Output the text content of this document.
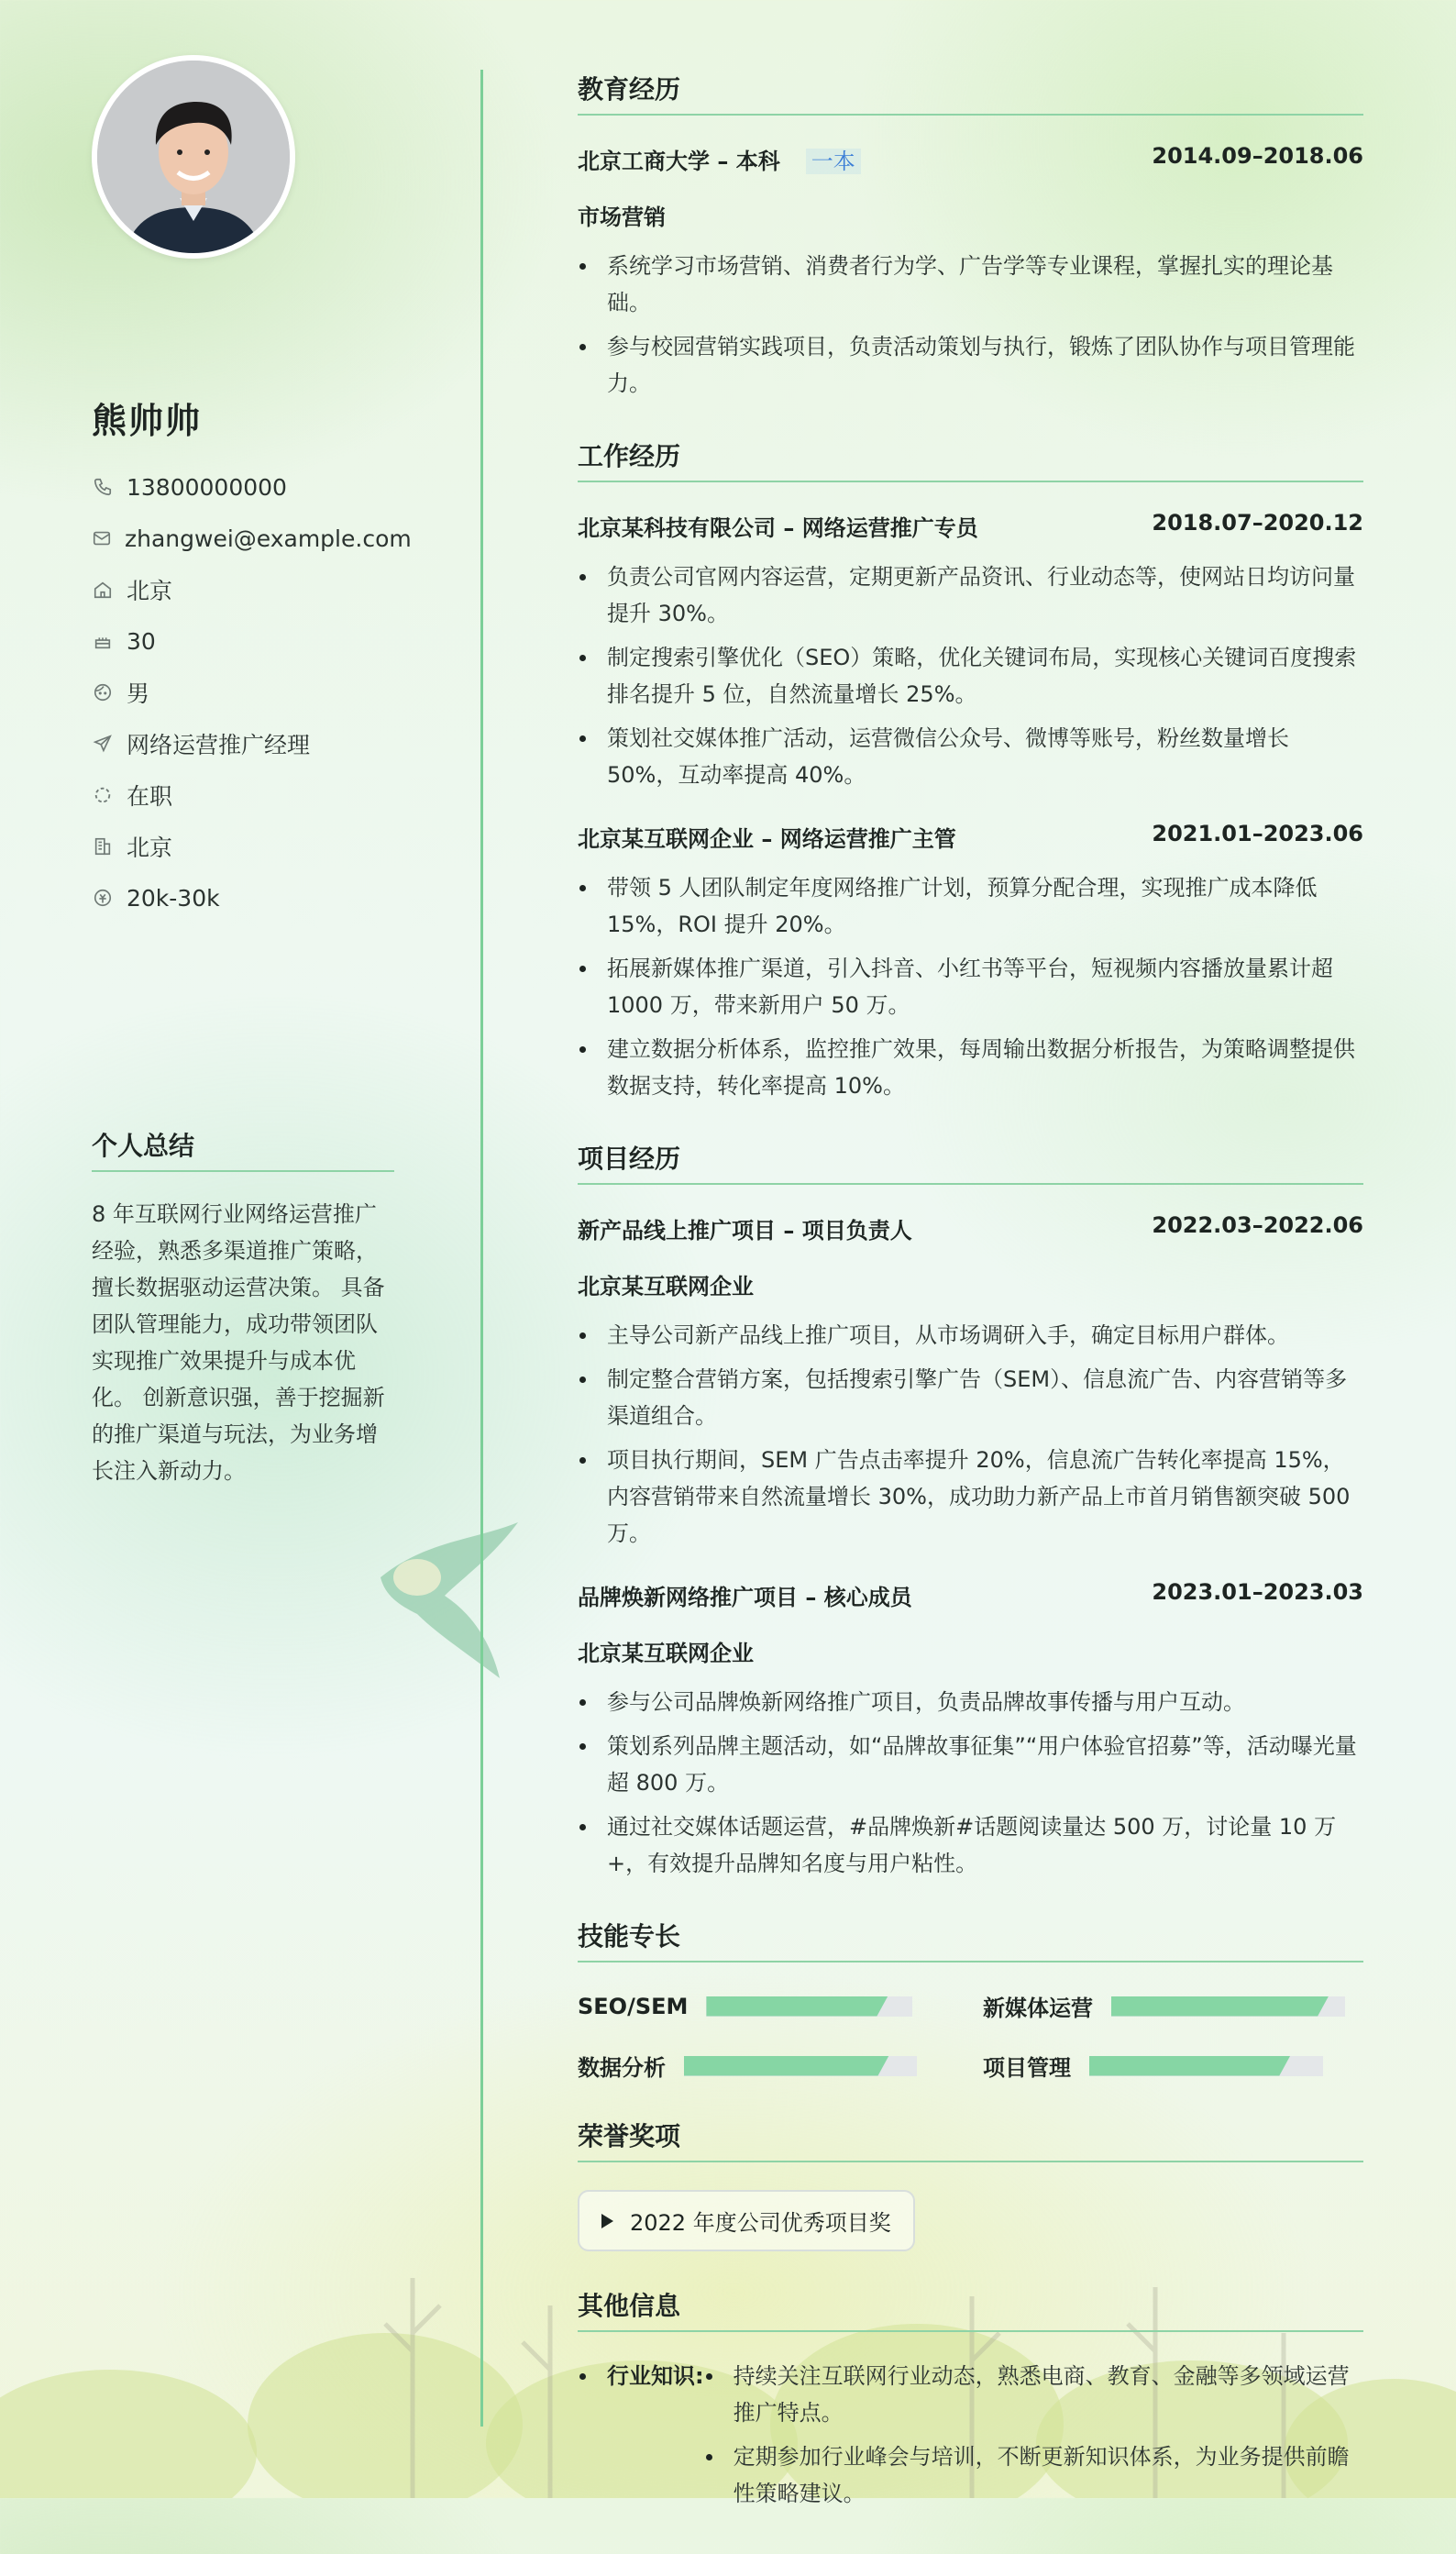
熊帅帅
13800000000
zhangwei@example.com
北京
30
男
网络运营推广经理
在职
北京
20k-30k
个人总结
8 年互联网行业网络运营推广经验，熟悉多渠道推广策略，擅长数据驱动运营决策。 具备团队管理能力，成功带领团队实现推广效果提升与成本优化。 创新意识强，善于挖掘新的推广渠道与玩法，为业务增长注入新动力。
教育经历
北京工商大学 – 本科 一本	2014.09–2018.06
市场营销
系统学习市场营销、消费者行为学、广告学等专业课程，掌握扎实的理论基础。
参与校园营销实践项目，负责活动策划与执行，锻炼了团队协作与项目管理能力。
工作经历
北京某科技有限公司 – 网络运营推广专员	2018.07–2020.12
负责公司官网内容运营，定期更新产品资讯、行业动态等，使网站日均访问量提升 30%。
制定搜索引擎优化（SEO）策略，优化关键词布局，实现核心关键词百度搜索排名提升 5 位，自然流量增长 25%。
策划社交媒体推广活动，运营微信公众号、微博等账号，粉丝数量增长 50%，互动率提高 40%。
北京某互联网企业 – 网络运营推广主管	2021.01–2023.06
带领 5 人团队制定年度网络推广计划，预算分配合理，实现推广成本降低 15%，ROI 提升 20%。
拓展新媒体推广渠道，引入抖音、小红书等平台，短视频内容播放量累计超 1000 万，带来新用户 50 万。
建立数据分析体系，监控推广效果，每周输出数据分析报告，为策略调整提供数据支持，转化率提高 10%。
项目经历
新产品线上推广项目 – 项目负责人	2022.03–2022.06
北京某互联网企业
主导公司新产品线上推广项目，从市场调研入手，确定目标用户群体。
制定整合营销方案，包括搜索引擎广告（SEM）、信息流广告、内容营销等多渠道组合。
项目执行期间，SEM 广告点击率提升 20%，信息流广告转化率提高 15%，内容营销带来自然流量增长 30%，成功助力新产品上市首月销售额突破 500 万。
品牌焕新网络推广项目 – 核心成员	2023.01–2023.03
北京某互联网企业
参与公司品牌焕新网络推广项目，负责品牌故事传播与用户互动。
策划系列品牌主题活动，如“品牌故事征集”“用户体验官招募”等，活动曝光量超 800 万。
通过社交媒体话题运营，#品牌焕新#话题阅读量达 500 万，讨论量 10 万+，有效提升品牌知名度与用户粘性。
技能专长
SEO/SEM	新媒体运营
数据分析	项目管理
荣誉奖项
2022 年度公司优秀项目奖
其他信息
行业知识:	持续关注互联网行业动态，熟悉电商、教育、金融等多领域运营推广特点。
定期参加行业峰会与培训，不断更新知识体系，为业务提供前瞻性策略建议。
